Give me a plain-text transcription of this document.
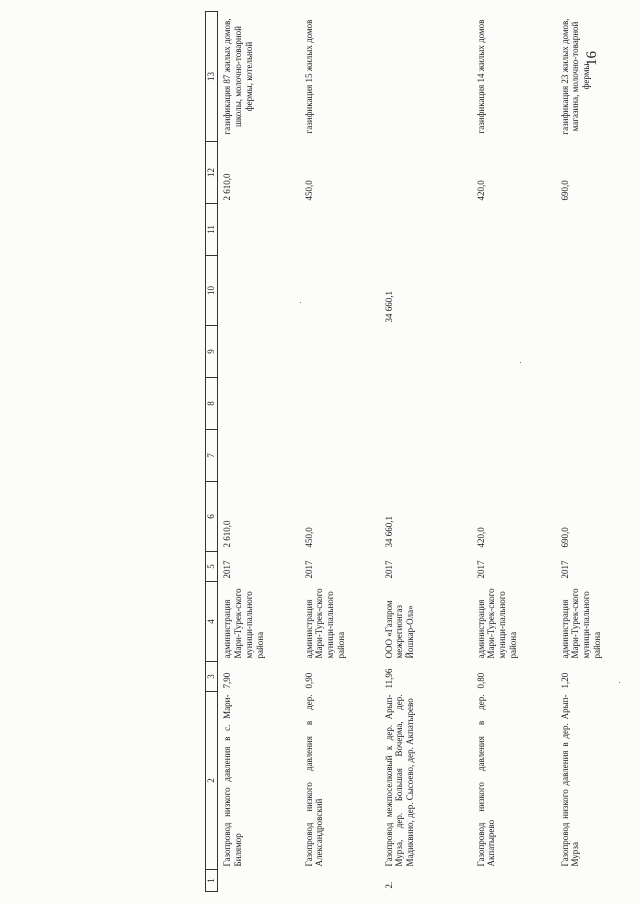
16
1	2	3	4	5	6	7	8	9	10	11	12	13
	Газопровод низкого давления в с. Мари-Билямор	7,90	администрация Мари-Турек-ского муници-пального района	2017	2 610,0						2 610,0	газификация 87 жилых домов, школы, молочно-товарной фермы, котельной
	Газопровод низкого давления в дер. Александровский	0,90	администрация Мари-Турек-ского муници-пального района	2017	450,0						450,0	газификация 15 жилых домов
2.	Газопровод межпоселковый к дер. Арып-Мурза, дер. Большая Вочерма, дер. Мадиквино, дер. Сысоево, дер. Акпатырево	11,96	ООО «Газпром межрегионгаз Йошкар-Ола»	2017	34 660,1				34 660,1			
	Газопровод низкого давления в дер. Акпатырево	0,80	администрация Мари-Турек-ского муници-пального района	2017	420,0						420,0	газификация 14 жилых домов
	Газопровод низкого давления в дер. Арып-Мурза	1,20	администрация Мари-Турек-ского муници-пального района	2017	690,0						690,0	газификация 23 жилых домов, магазина, молочно-товарной фермы
